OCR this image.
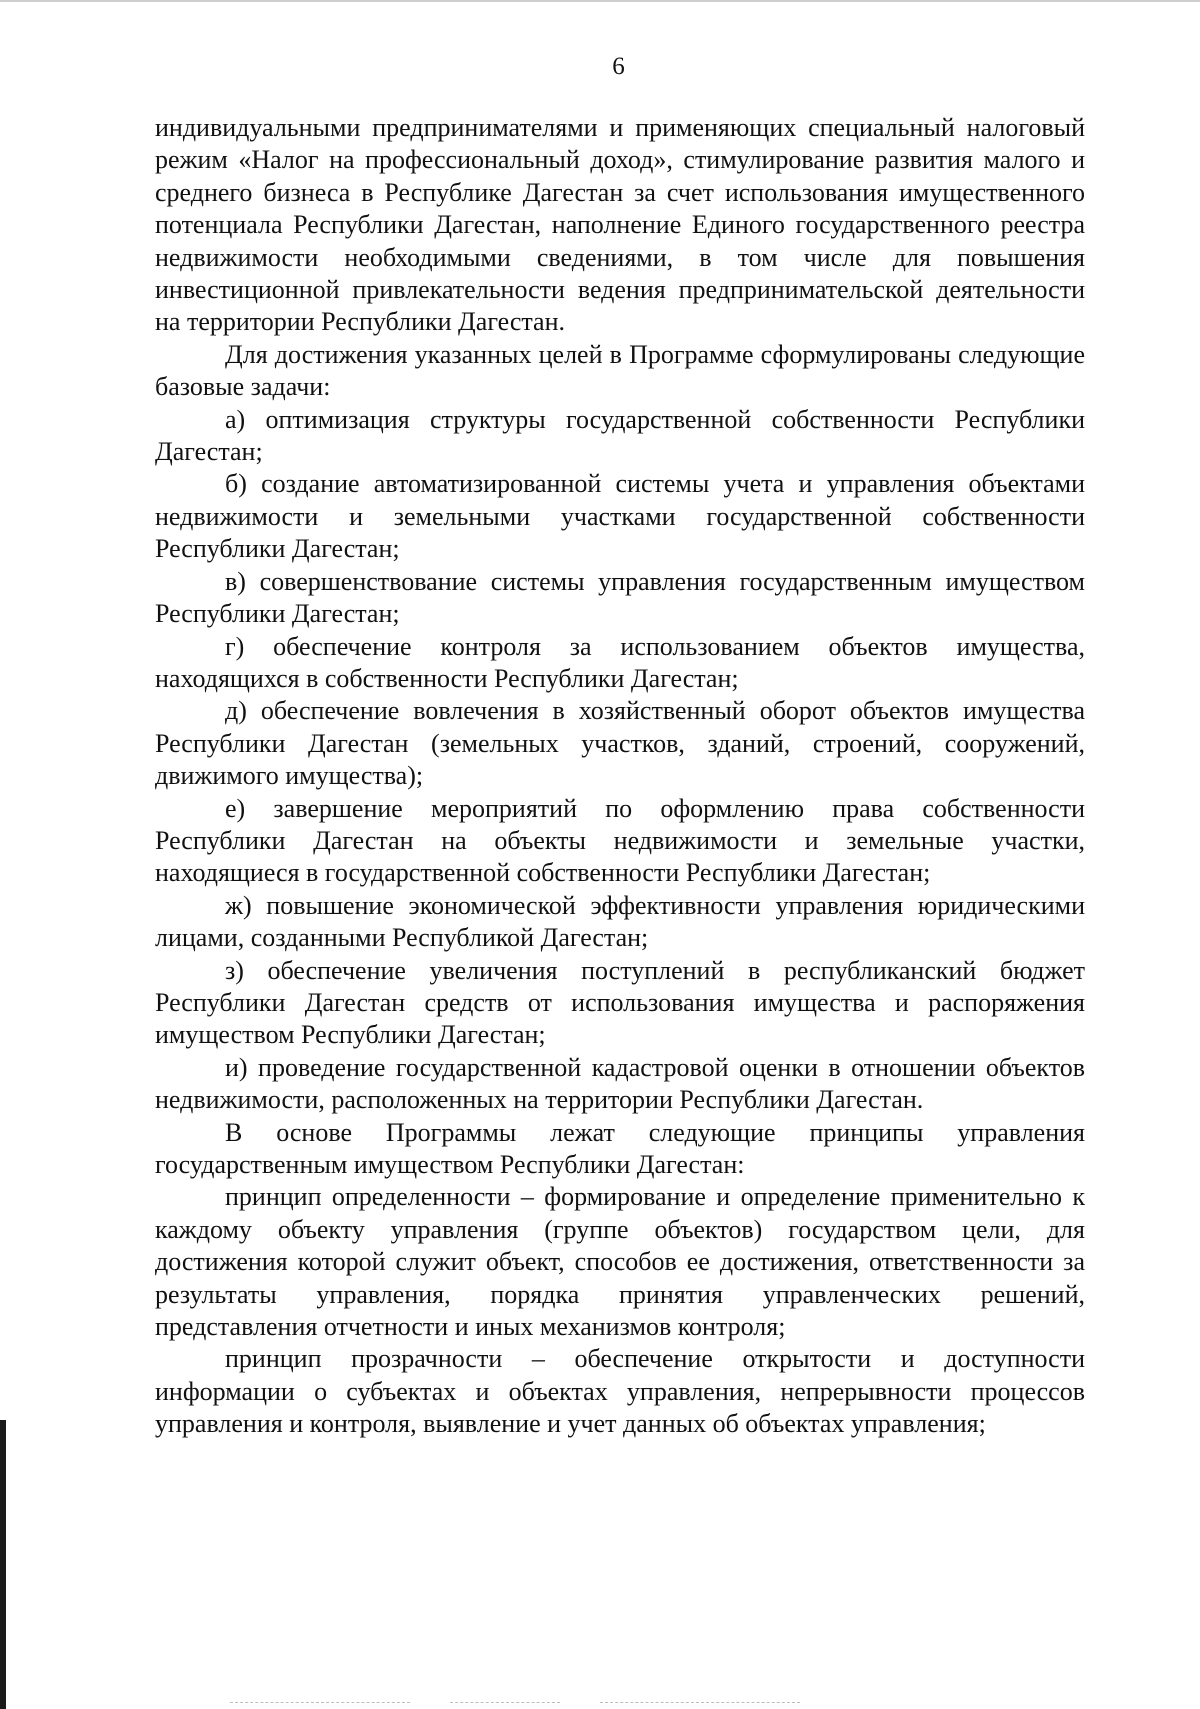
6

индивидуальными предпринимателями и применяющих специальный налоговый режим «Налог на профессиональный доход», стимулирование развития малого и среднего бизнеса в Республике Дагестан за счет использования имущественного потенциала Республики Дагестан, наполнение Единого государственного реестра недвижимости необходимыми сведениями, в том числе для повышения инвестиционной привлекательности ведения предпринимательской деятельности на территории Республики Дагестан.

Для достижения указанных целей в Программе сформулированы следующие базовые задачи:

а) оптимизация структуры государственной собственности Республики Дагестан;

б) создание автоматизированной системы учета и управления объектами недвижимости и земельными участками государственной собственности Республики Дагестан;

в) совершенствование системы управления государственным имуществом Республики Дагестан;

г) обеспечение контроля за использованием объектов имущества, находящихся в собственности Республики Дагестан;

д) обеспечение вовлечения в хозяйственный оборот объектов имущества Республики Дагестан (земельных участков, зданий, строений, сооружений, движимого имущества);

е) завершение мероприятий по оформлению права собственности Республики Дагестан на объекты недвижимости и земельные участки, находящиеся в государственной собственности Республики Дагестан;

ж) повышение экономической эффективности управления юридическими лицами, созданными Республикой Дагестан;

з) обеспечение увеличения поступлений в республиканский бюджет Республики Дагестан средств от использования имущества и распоряжения имуществом Республики Дагестан;

и) проведение государственной кадастровой оценки в отношении объектов недвижимости, расположенных на территории Республики Дагестан.

В основе Программы лежат следующие принципы управления государственным имуществом Республики Дагестан:

принцип определенности – формирование и определение применительно к каждому объекту управления (группе объектов) государством цели, для достижения которой служит объект, способов ее достижения, ответственности за результаты управления, порядка принятия управленческих решений, представления отчетности и иных механизмов контроля;

принцип прозрачности – обеспечение открытости и доступности информации о субъектах и объектах управления, непрерывности процессов управления и контроля, выявление и учет данных об объектах управления;
